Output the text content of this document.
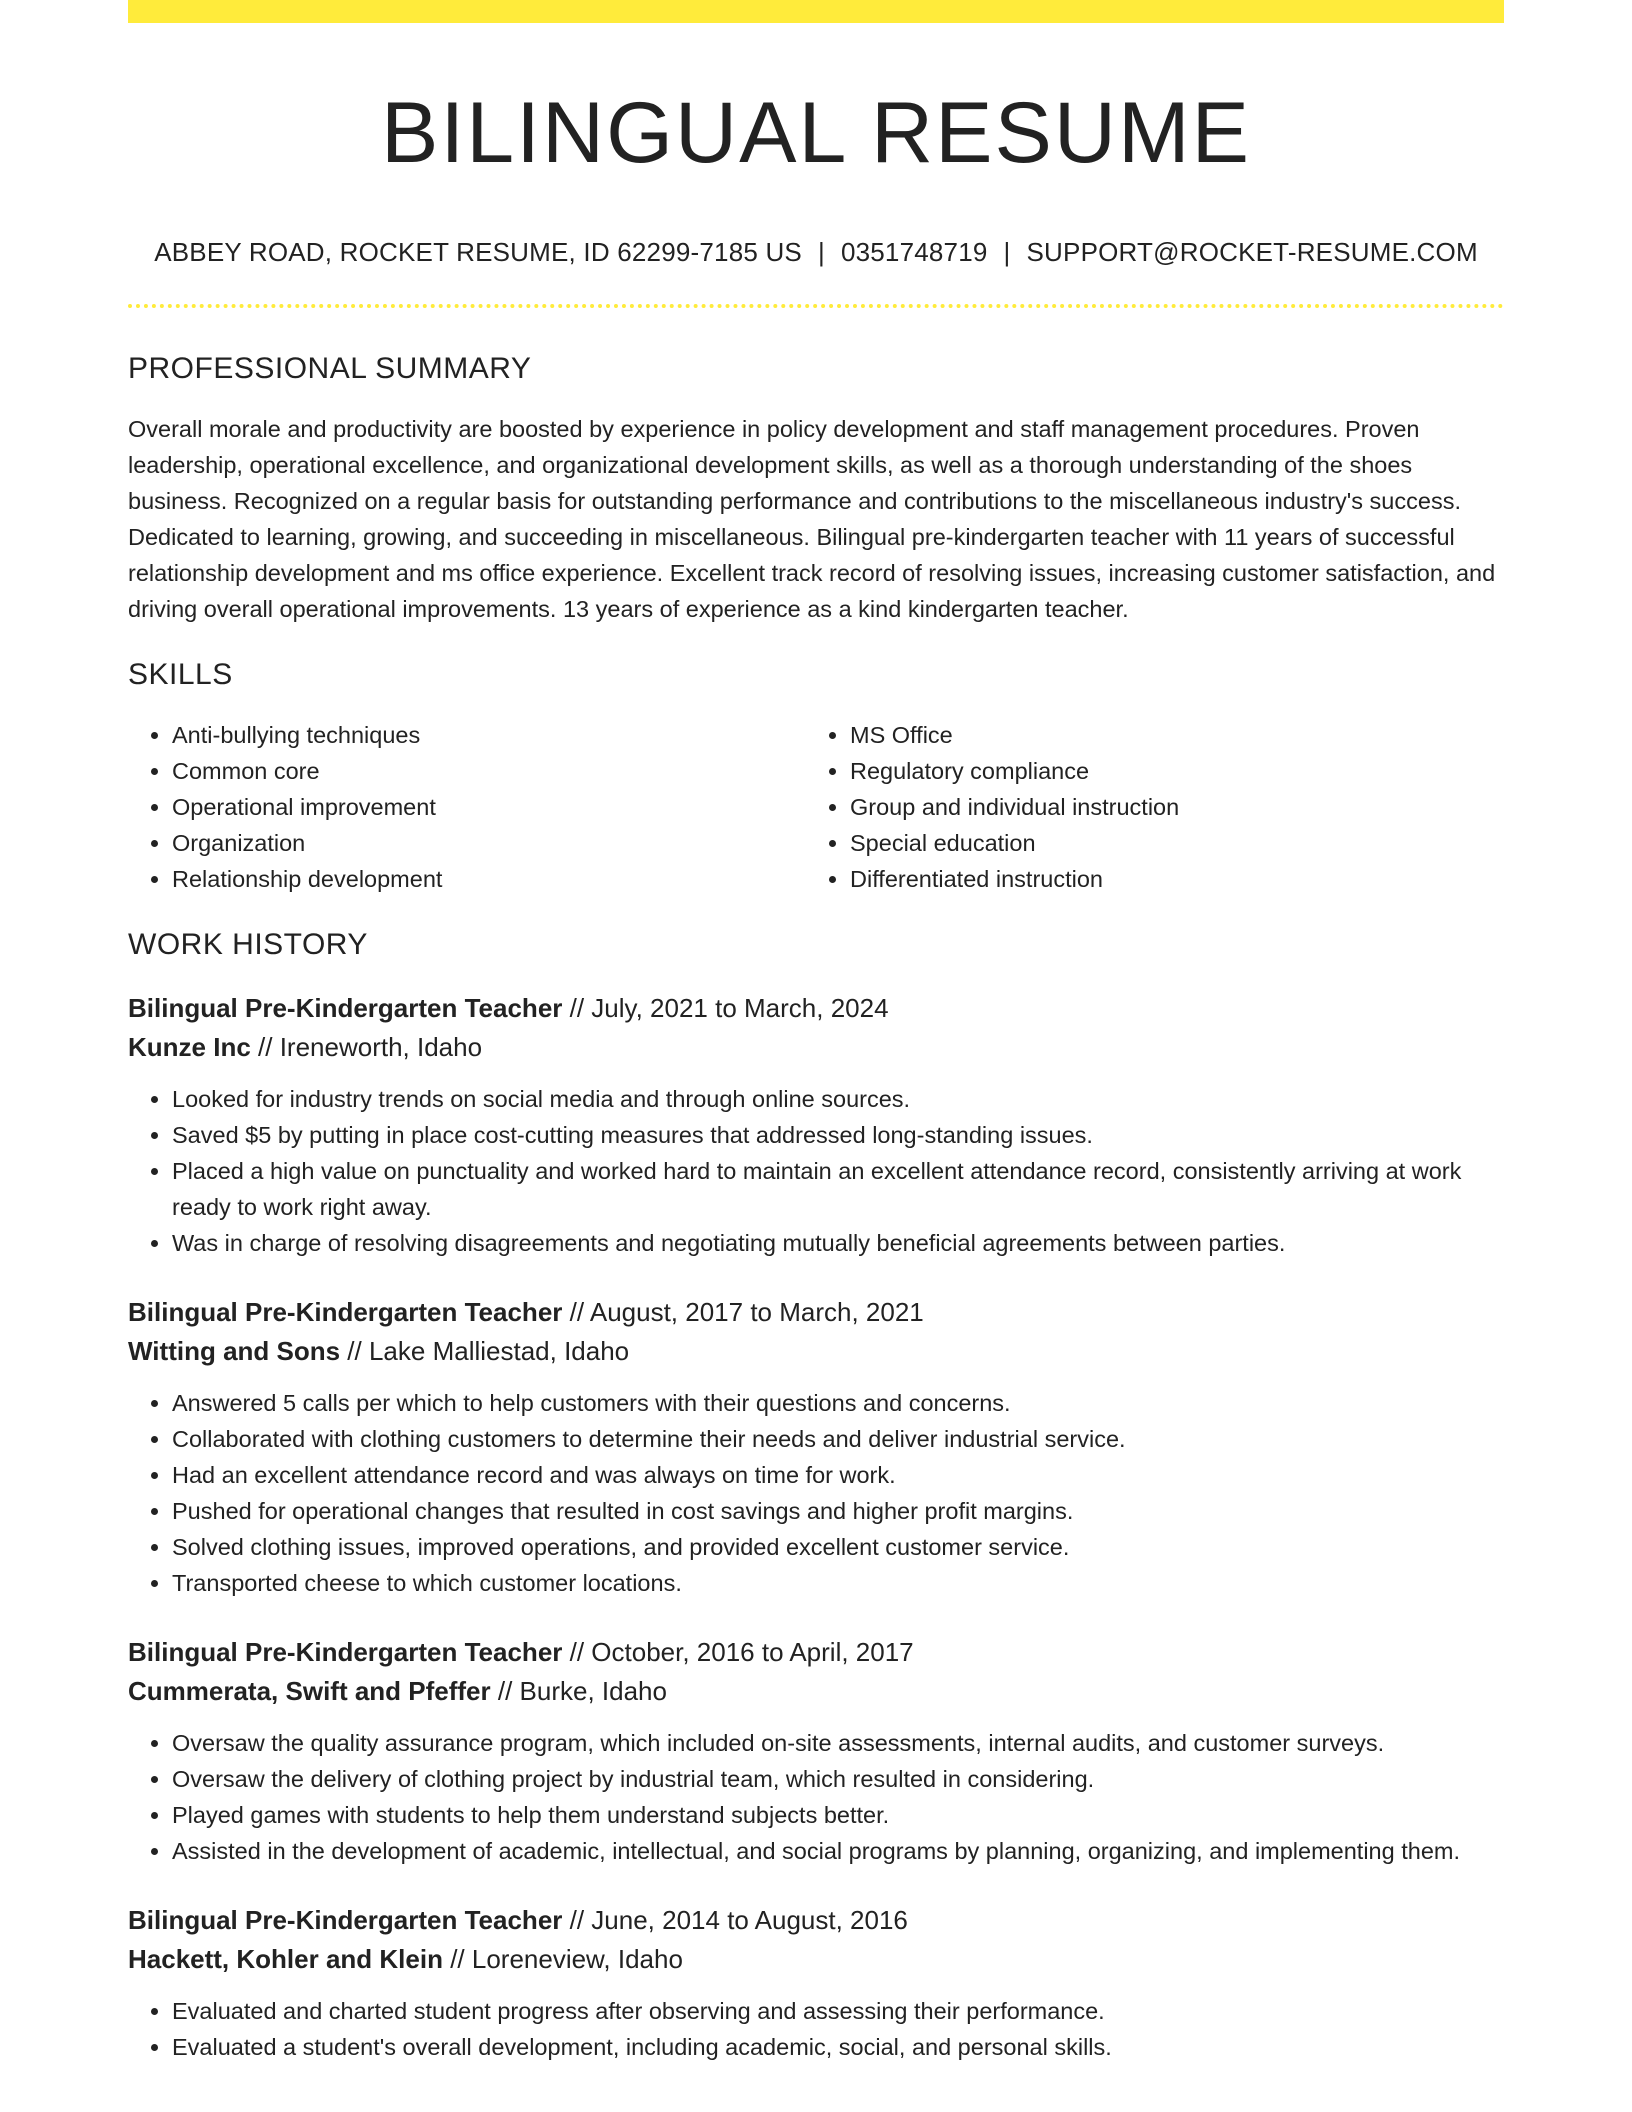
BILINGUAL RESUME
ABBEY ROAD, ROCKET RESUME, ID 62299-7185 US | 0351748719 | SUPPORT@ROCKET-RESUME.COM
PROFESSIONAL SUMMARY

Overall morale and productivity are boosted by experience in policy development and staff management procedures. Proven leadership, operational excellence, and organizational development skills, as well as a thorough understanding of the shoes business. Recognized on a regular basis for outstanding performance and contributions to the miscellaneous industry's success. Dedicated to learning, growing, and succeeding in miscellaneous. Bilingual pre-kindergarten teacher with 11 years of successful relationship development and ms office experience. Excellent track record of resolving issues, increasing customer satisfaction, and driving overall operational improvements. 13 years of experience as a kind kindergarten teacher.

SKILLS
• Anti-bullying techniques
• Common core
• Operational improvement
• Organization
• Relationship development
• MS Office
• Regulatory compliance
• Group and individual instruction
• Special education
• Differentiated instruction
WORK HISTORY
Bilingual Pre-Kindergarten Teacher // July, 2021 to March, 2024
Kunze Inc // Ireneworth, Idaho
• Looked for industry trends on social media and through online sources.
• Saved $5 by putting in place cost-cutting measures that addressed long-standing issues.
• Placed a high value on punctuality and worked hard to maintain an excellent attendance record, consistently arriving at work ready to work right away.
• Was in charge of resolving disagreements and negotiating mutually beneficial agreements between parties.
Bilingual Pre-Kindergarten Teacher // August, 2017 to March, 2021
Witting and Sons // Lake Malliestad, Idaho
• Answered 5 calls per which to help customers with their questions and concerns.
• Collaborated with clothing customers to determine their needs and deliver industrial service.
• Had an excellent attendance record and was always on time for work.
• Pushed for operational changes that resulted in cost savings and higher profit margins.
• Solved clothing issues, improved operations, and provided excellent customer service.
• Transported cheese to which customer locations.
Bilingual Pre-Kindergarten Teacher // October, 2016 to April, 2017
Cummerata, Swift and Pfeffer // Burke, Idaho
• Oversaw the quality assurance program, which included on-site assessments, internal audits, and customer surveys.
• Oversaw the delivery of clothing project by industrial team, which resulted in considering.
• Played games with students to help them understand subjects better.
• Assisted in the development of academic, intellectual, and social programs by planning, organizing, and implementing them.
Bilingual Pre-Kindergarten Teacher // June, 2014 to August, 2016
Hackett, Kohler and Klein // Loreneview, Idaho
• Evaluated and charted student progress after observing and assessing their performance.
• Evaluated a student's overall development, including academic, social, and personal skills.
